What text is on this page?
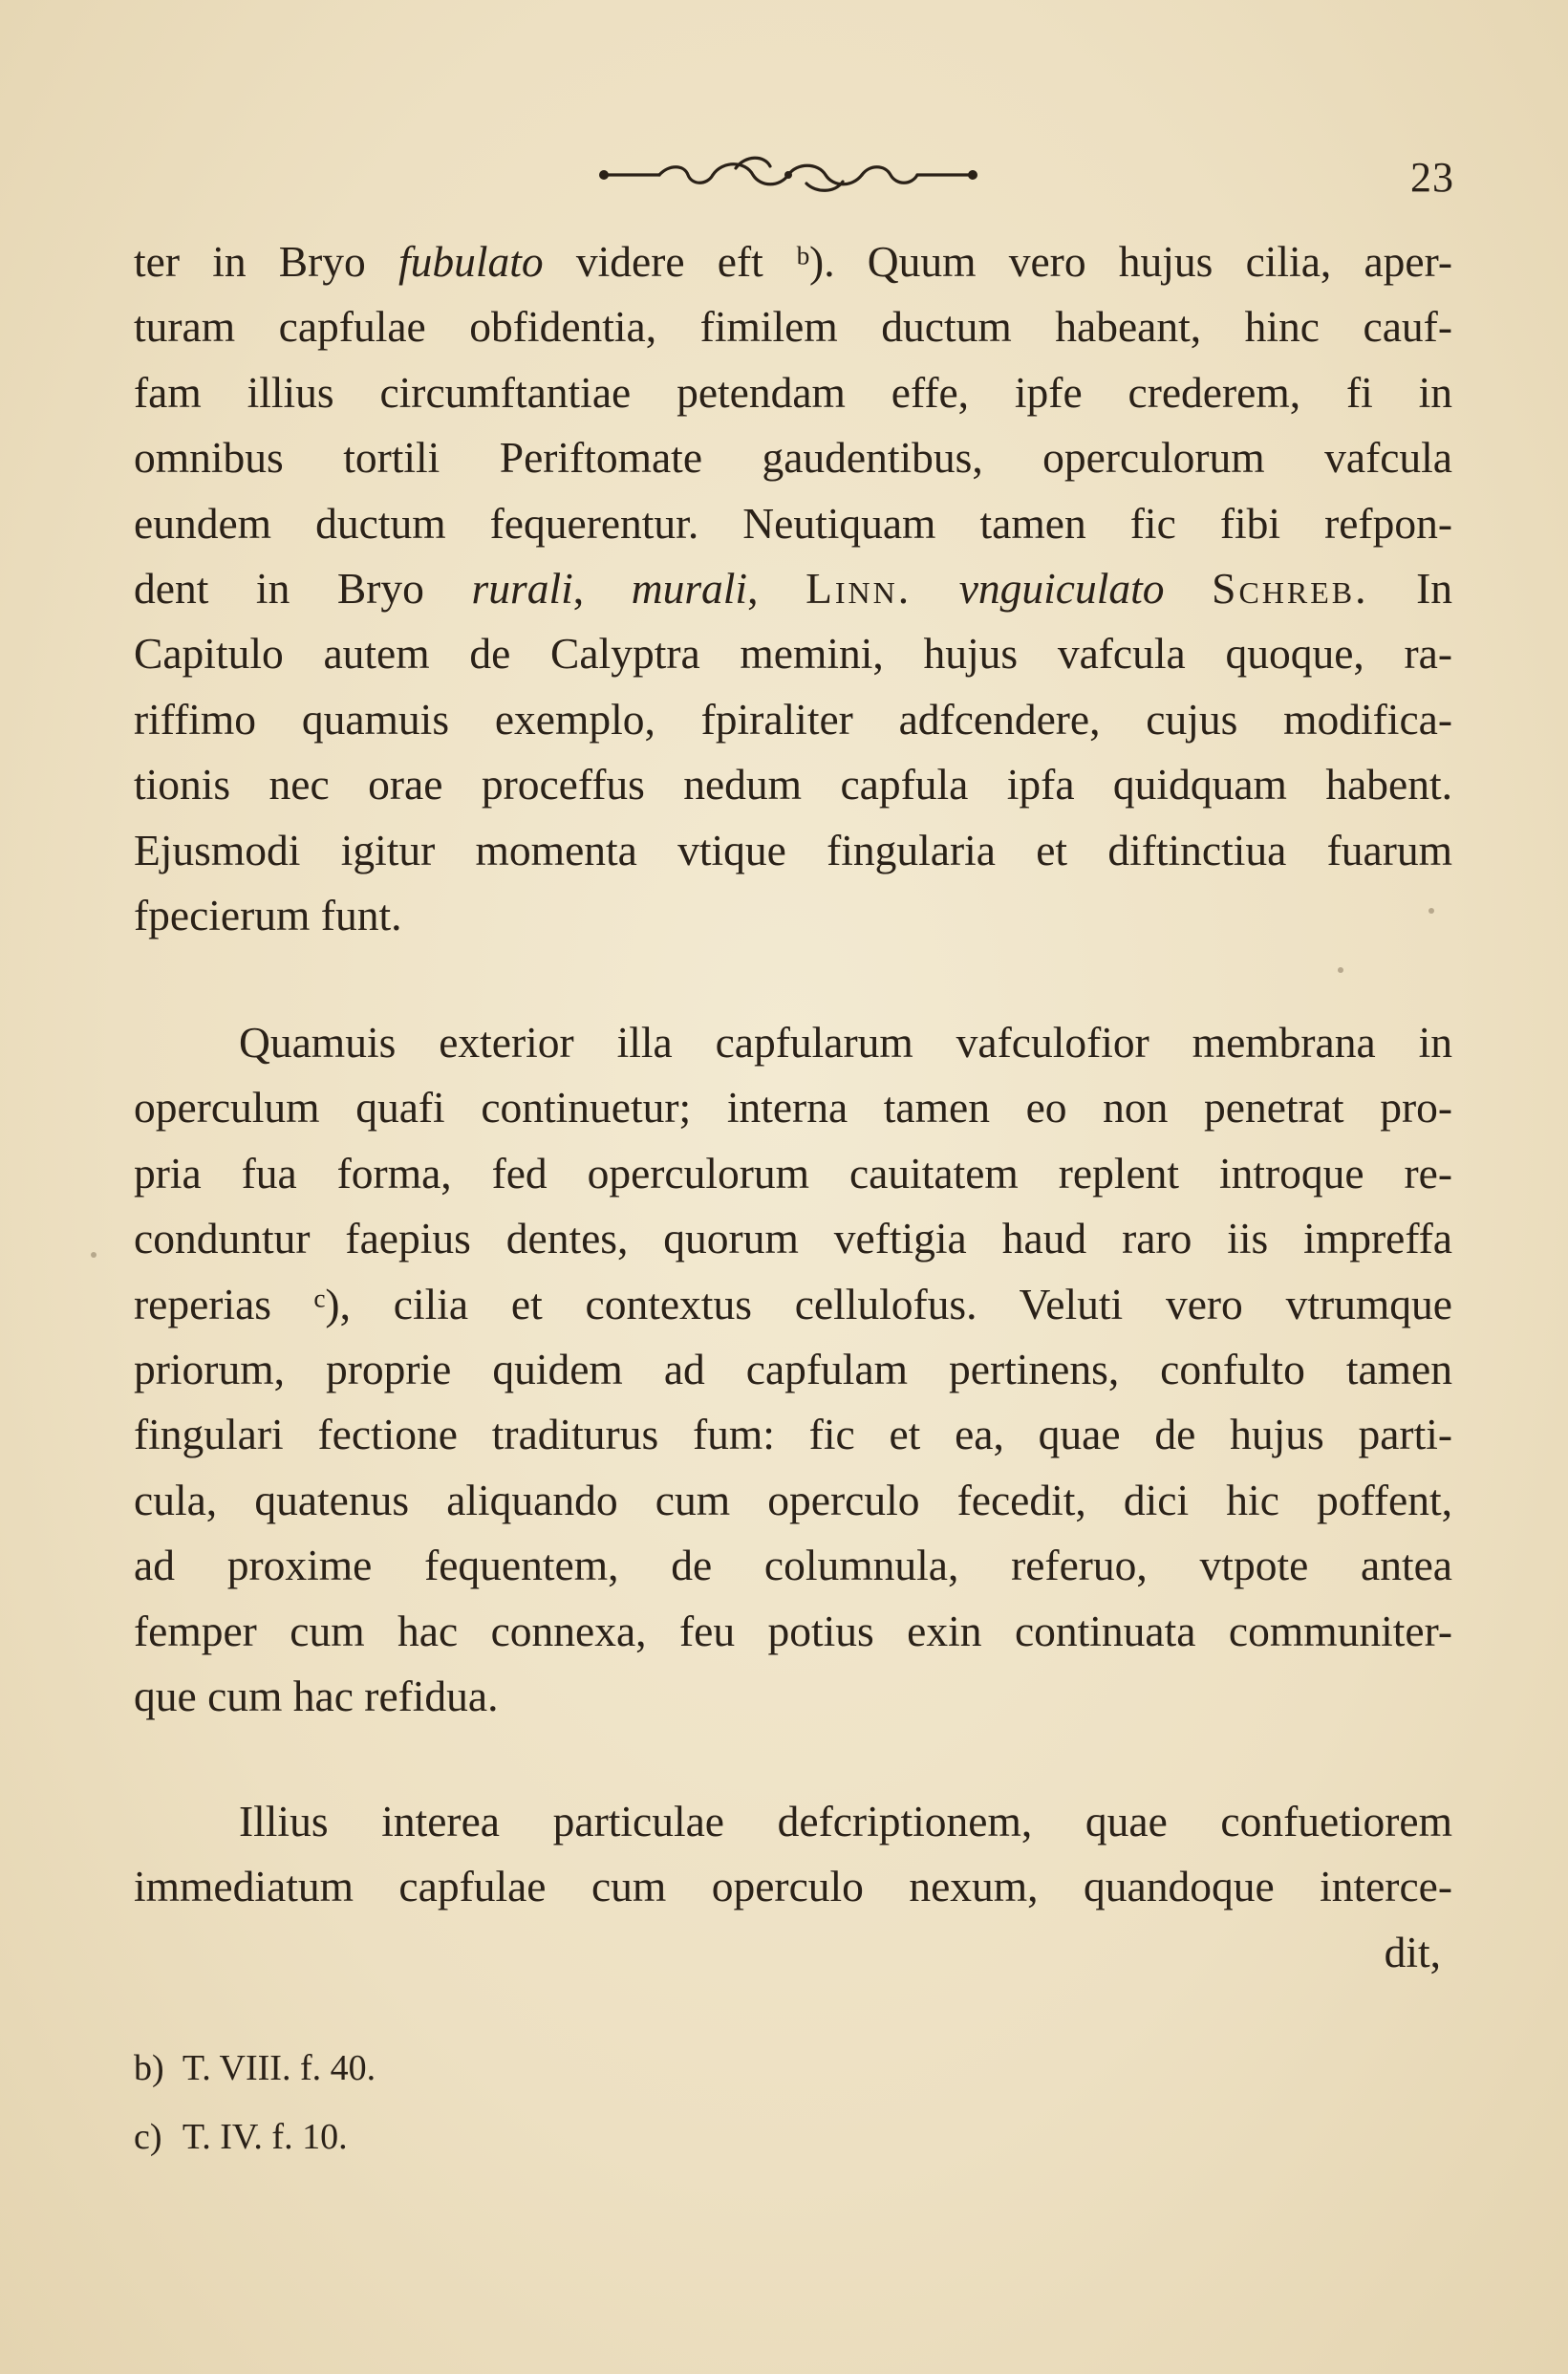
23
ter in Bryo fubulato videre eft ᵇ). Quum vero hujus cilia, aper-
turam capfulae obfidentia, fimilem ductum habeant, hinc cauf-
fam illius circumftantiae petendam effe, ipfe crederem, fi in
omnibus tortili Periftomate gaudentibus, operculorum vafcula
eundem ductum fequerentur. Neutiquam tamen fic fibi refpon-
dent in Bryo rurali, murali, Linn. vnguiculato Schreb. In
Capitulo autem de Calyptra memini, hujus vafcula quoque, ra-
riffimo quamuis exemplo, fpiraliter adfcendere, cujus modifica-
tionis nec orae proceffus nedum capfula ipfa quidquam habent.
Ejusmodi igitur momenta vtique fingularia et diftinctiua fuarum
fpecierum funt.
Quamuis exterior illa capfularum vafculofior membrana in
operculum quafi continuetur; interna tamen eo non penetrat pro-
pria fua forma, fed operculorum cauitatem replent introque re-
conduntur faepius dentes, quorum veftigia haud raro iis impreffa
reperias ᶜ), cilia et contextus cellulofus. Veluti vero vtrumque
priorum, proprie quidem ad capfulam pertinens, confulto tamen
fingulari fectione traditurus fum: fic et ea, quae de hujus parti-
cula, quatenus aliquando cum operculo fecedit, dici hic poffent,
ad proxime fequentem, de columnula, referuo, vtpote antea
femper cum hac connexa, feu potius exin continuata communiter-
que cum hac refidua.
Illius interea particulae defcriptionem, quae confuetiorem
immediatum capfulae cum operculo nexum, quandoque interce-
dit,
b) T. VIII. f. 40.
c) T. IV. f. 10.
